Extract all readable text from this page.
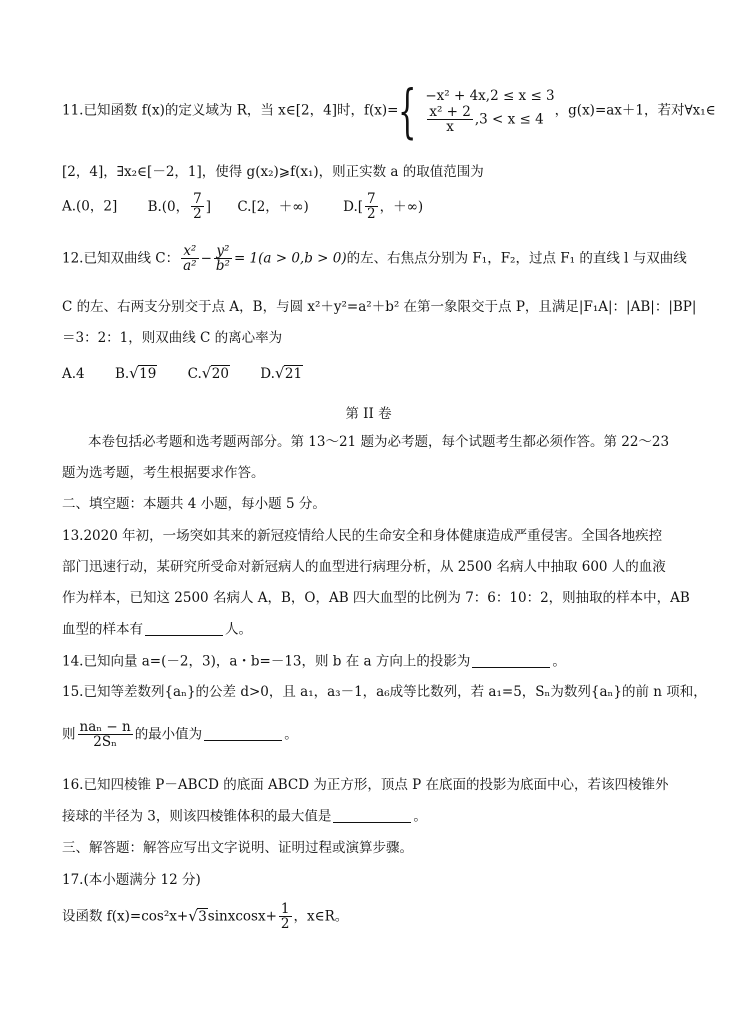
11.已知函数 f(x)的定义域为 R，当 x∈[2，4]时，f(x)={ −x² + 4x,2 ≤ x ≤ 3
$\frac{\text{x² + 2}}{x} ,3 < x \le 4$
，g(x)=ax＋1，若对∀x₁∈
[2，4]，∃x₂∈[－2，1]，使得 g(x₂)⩾f(x₁)，则正实数 a 的取值范围为
A.(0，2] B.(0， $\frac{7}{2}$ ] C.[2，＋∞)	$D.[ \frac{7}{2}$ ，＋∞)
12.已知双曲线 C： $\frac{\text{x²}}{\text{a²}} - \frac{\text{y²}}{\text{b²}} = 1(a > 0,b > 0)$的左、右焦点分别为 F₁，F₂，过点 F₁ 的直线 l 与双曲线
C 的左、右两支分别交于点 A，B，与圆 x²＋y²=a²＋b² 在第一象限交于点 P，且满足|F₁A|：|AB|：|BP|
＝3：2：1，则双曲线 C 的离心率为
A.4 B. √ 19 C. √ 20 D. √ 21
第 II 卷
本卷包括必考题和选考题两部分。第 13～21 题为必考题，每个试题考生都必须作答。第 22～23
题为选考题，考生根据要求作答。
二、填空题：本题共 4 小题，每小题 5 分。
13.2020 年初，一场突如其来的新冠疫情给人民的生命安全和身体健康造成严重侵害。全国各地疾控
部门迅速行动，某研究所受命对新冠病人的血型进行病理分析，从 2500 名病人中抽取 600 人的血液
作为样本，已知这 2500 名病人 A，B，O，AB 四大血型的比例为 7：6：10：2，则抽取的样本中，AB
血型的样本有	人。
14.已知向量 a=(－2，3)，a・b=－13，则 b 在 a 方向上的投影为	。
15.已知等差数列{aₙ}的公差 d>0，且 a₁，a₃－1，a₆成等比数列，若 a₁=5，Sₙ为数列{aₙ}的前 n 项和，
则 $\frac{\text{naₙ − n}}{\text{2Sₙ}}$ 的最小值为	。
16.已知四棱锥 P－ABCD 的底面 ABCD 为正方形，顶点 P 在底面的投影为底面中心，若该四棱锥外
接球的半径为 3，则该四棱锥体积的最大值是	。
三、解答题：解答应写出文字说明、证明过程或演算步骤。
17.(本小题满分 12 分)
设函数 f(x)=cos²x+ √ 3sinxcosx+ $\frac{1}{2}$ ，x∈R。
